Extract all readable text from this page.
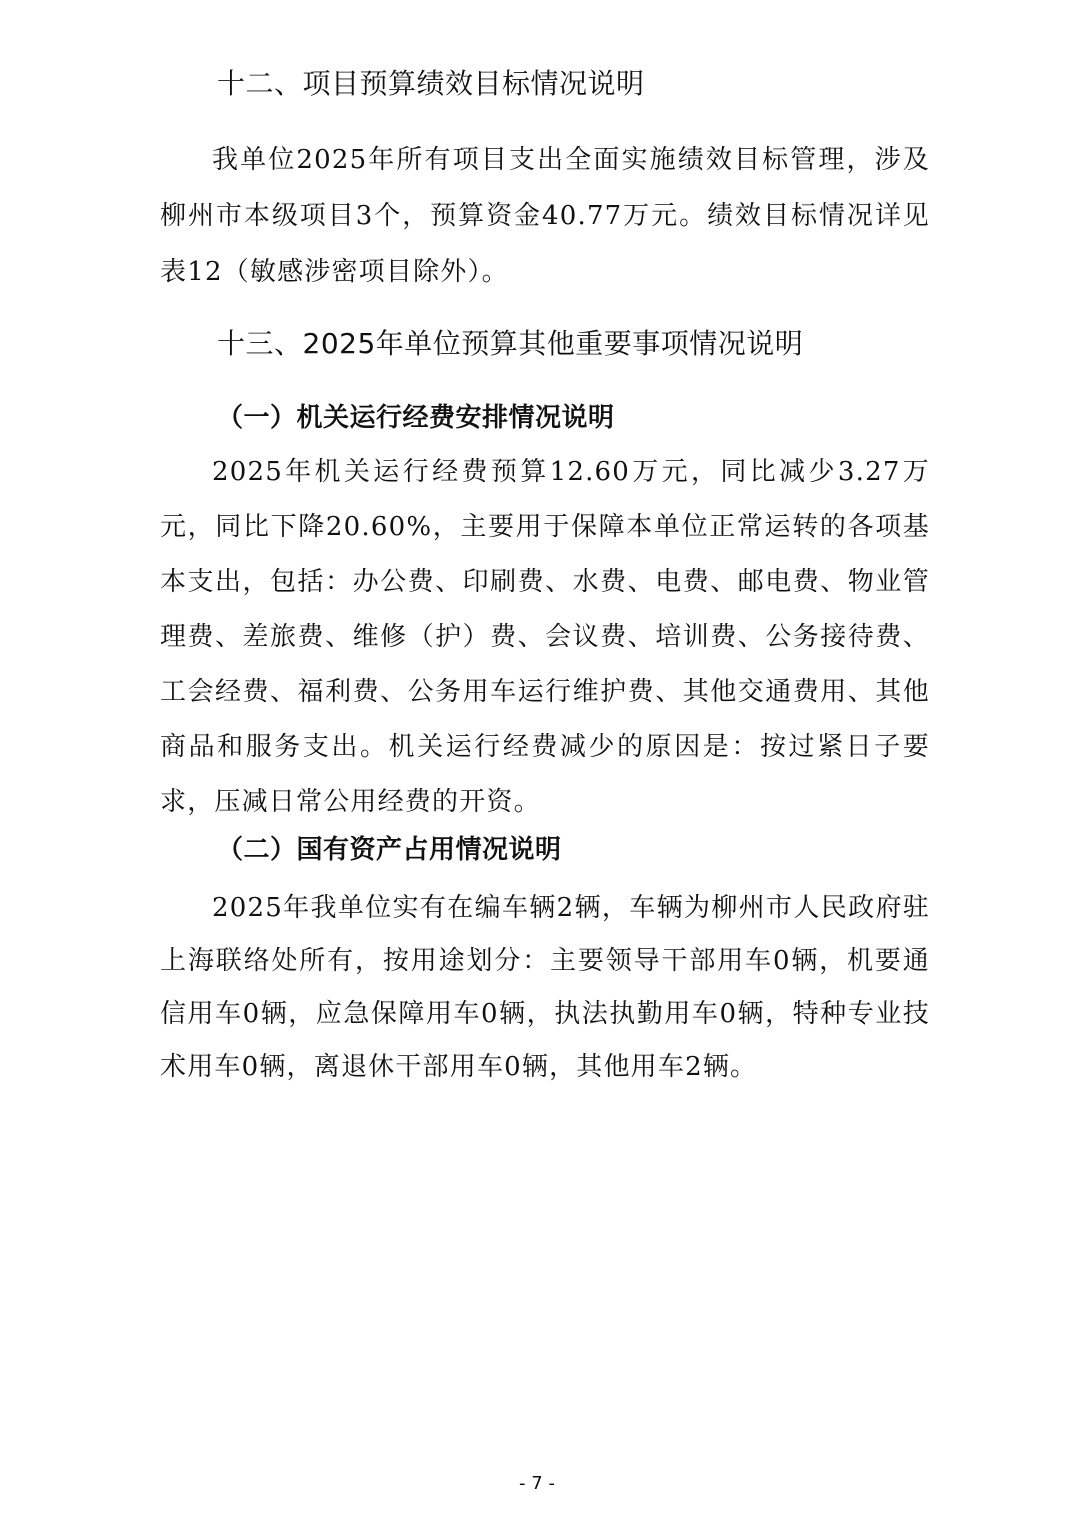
十二、项目预算绩效目标情况说明
我单位2025年所有项目支出全面实施绩效目标管理，涉及柳州市本级项目3个，预算资金40.77万元。绩效目标情况详见表12（敏感涉密项目除外）。
十三、2025年单位预算其他重要事项情况说明
（一）机关运行经费安排情况说明
2025年机关运行经费预算12.60万元，同比减少3.27万元，同比下降20.60%，主要用于保障本单位正常运转的各项基本支出，包括：办公费、印刷费、水费、电费、邮电费、物业管理费、差旅费、维修（护）费、会议费、培训费、公务接待费、工会经费、福利费、公务用车运行维护费、其他交通费用、其他商品和服务支出。机关运行经费减少的原因是：按过紧日子要求，压减日常公用经费的开资。
（二）国有资产占用情况说明
2025年我单位实有在编车辆2辆，车辆为柳州市人民政府驻上海联络处所有，按用途划分：主要领导干部用车0辆，机要通信用车0辆，应急保障用车0辆，执法执勤用车0辆，特种专业技术用车0辆，离退休干部用车0辆，其他用车2辆。
- 7 -
